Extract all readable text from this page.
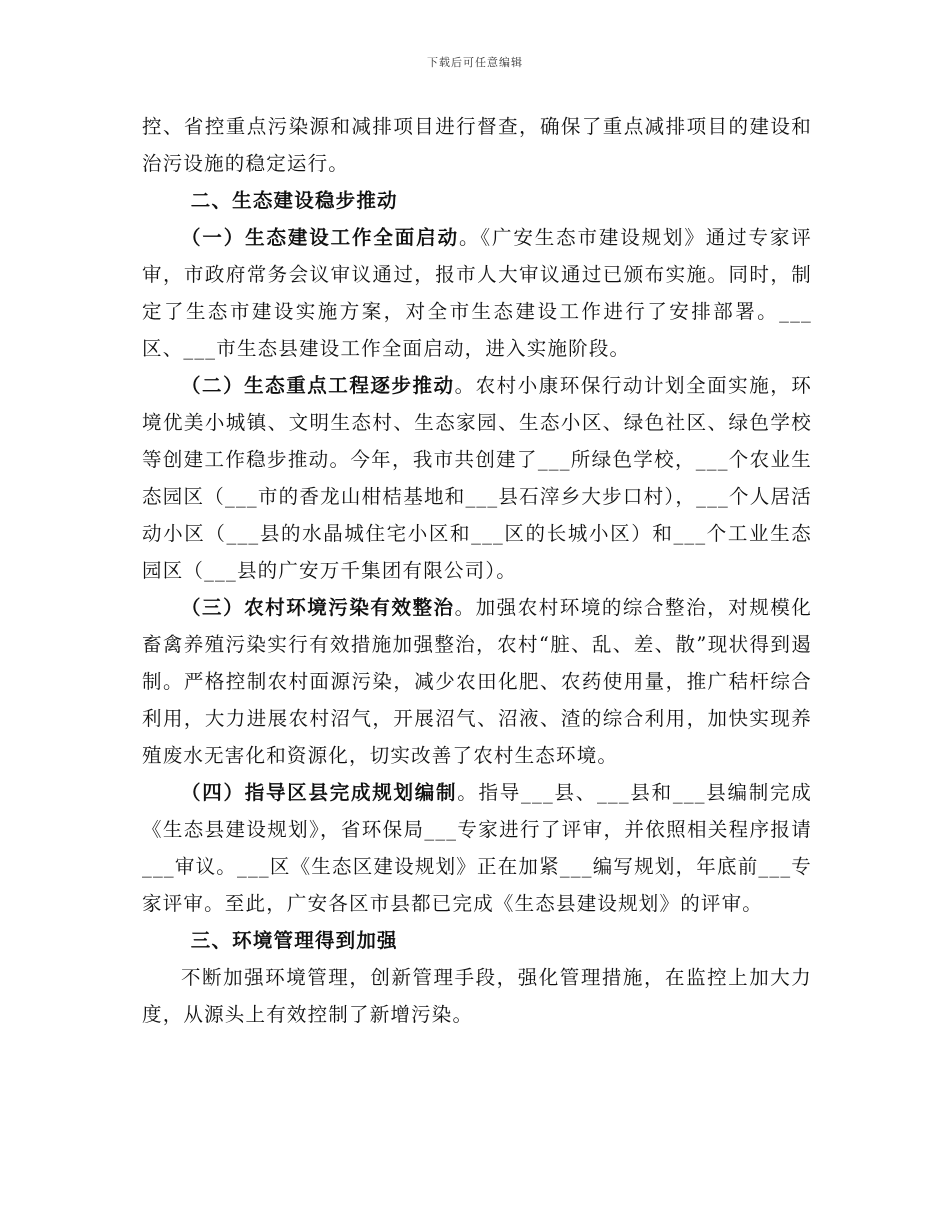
下载后可任意编辑

控、省控重点污染源和减排项目进行督查，确保了重点减排项目的建设和治污设施的稳定运行。

二、生态建设稳步推动

（一）生态建设工作全面启动。《广安生态市建设规划》通过专家评审，市政府常务会议审议通过，报市人大审议通过已颁布实施。同时，制定了生态市建设实施方案，对全市生态建设工作进行了安排部署。___区、___市生态县建设工作全面启动，进入实施阶段。

（二）生态重点工程逐步推动。农村小康环保行动计划全面实施，环境优美小城镇、文明生态村、生态家园、生态小区、绿色社区、绿色学校等创建工作稳步推动。今年，我市共创建了___所绿色学校，___个农业生态园区（___市的香龙山柑桔基地和___县石滓乡大步口村），___个人居活动小区（___县的水晶城住宅小区和___区的长城小区）和___个工业生态园区（___县的广安万千集团有限公司）。

（三）农村环境污染有效整治。加强农村环境的综合整治，对规模化畜禽养殖污染实行有效措施加强整治，农村“脏、乱、差、散”现状得到遏制。严格控制农村面源污染，减少农田化肥、农药使用量，推广秸杆综合利用，大力进展农村沼气，开展沼气、沼液、渣的综合利用，加快实现养殖废水无害化和资源化，切实改善了农村生态环境。

（四）指导区县完成规划编制。指导___县、___县和___县编制完成《生态县建设规划》，省环保局___专家进行了评审，并依照相关程序报请___审议。___区《生态区建设规划》正在加紧___编写规划，年底前___专家评审。至此，广安各区市县都已完成《生态县建设规划》的评审。

三、环境管理得到加强

不断加强环境管理，创新管理手段，强化管理措施，在监控上加大力度，从源头上有效控制了新增污染。
